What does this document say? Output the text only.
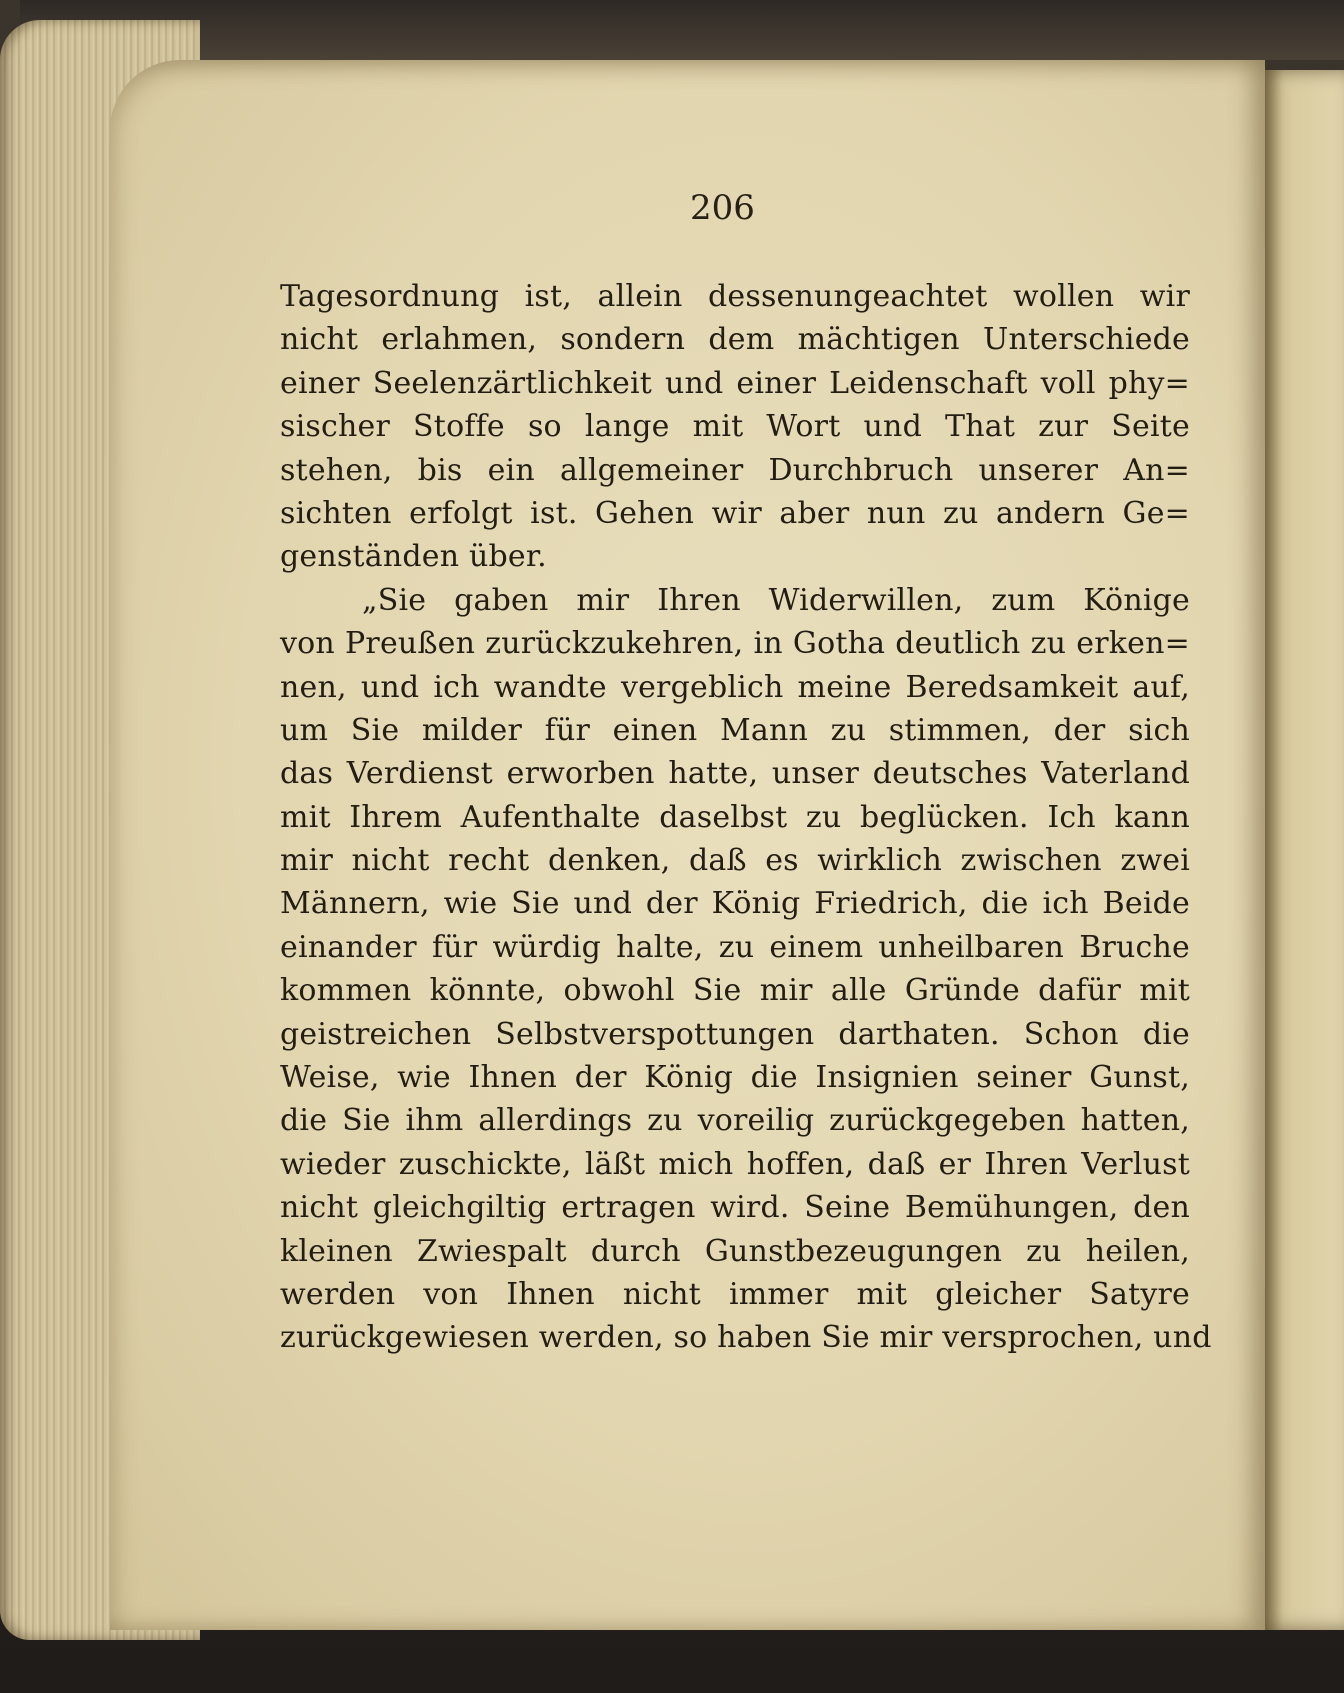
206
Tagesordnung ist, allein dessenungeachtet wollen wir
nicht erlahmen, sondern dem mächtigen Unterschiede
einer Seelenzärtlichkeit und einer Leidenschaft voll phy=
sischer Stoffe so lange mit Wort und That zur Seite
stehen, bis ein allgemeiner Durchbruch unserer An=
sichten erfolgt ist. Gehen wir aber nun zu andern Ge=
genständen über.
„Sie gaben mir Ihren Widerwillen, zum Könige
von Preußen zurückzukehren, in Gotha deutlich zu erken=
nen, und ich wandte vergeblich meine Beredsamkeit auf,
um Sie milder für einen Mann zu stimmen, der sich
das Verdienst erworben hatte, unser deutsches Vaterland
mit Ihrem Aufenthalte daselbst zu beglücken. Ich kann
mir nicht recht denken, daß es wirklich zwischen zwei
Männern, wie Sie und der König Friedrich, die ich Beide
einander für würdig halte, zu einem unheilbaren Bruche
kommen könnte, obwohl Sie mir alle Gründe dafür mit
geistreichen Selbstverspottungen darthaten. Schon die
Weise, wie Ihnen der König die Insignien seiner Gunst,
die Sie ihm allerdings zu voreilig zurückgegeben hatten,
wieder zuschickte, läßt mich hoffen, daß er Ihren Verlust
nicht gleichgiltig ertragen wird. Seine Bemühungen, den
kleinen Zwiespalt durch Gunstbezeugungen zu heilen,
werden von Ihnen nicht immer mit gleicher Satyre
zurückgewiesen werden, so haben Sie mir versprochen, und
